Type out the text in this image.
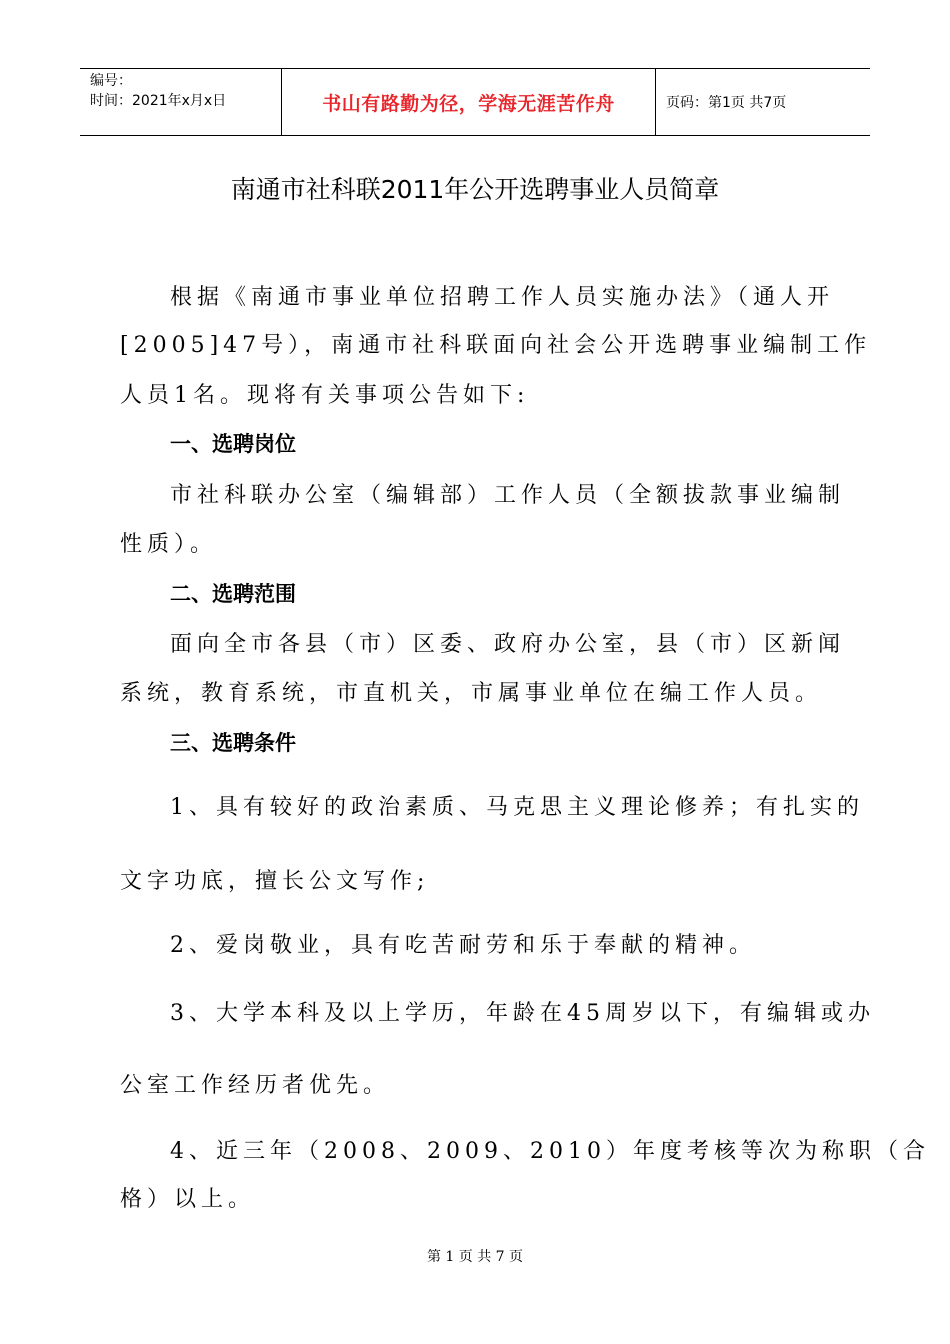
编号：
时间：2021年x月x日	书山有路勤为径，学海无涯苦作舟	页码：第1页 共7页
南通市社科联2011年公开选聘事业人员简章

根据《南通市事业单位招聘工作人员实施办法》（通人开

[2005]47号），南通市社科联面向社会公开选聘事业编制工作

人员1名。现将有关事项公告如下:

一、选聘岗位

市社科联办公室（编辑部）工作人员（全额拔款事业编制

性质）。

二、选聘范围

面向全市各县（市）区委、政府办公室，县（市）区新闻

系统，教育系统，市直机关，市属事业单位在编工作人员。

三、选聘条件

1、具有较好的政治素质、马克思主义理论修养；有扎实的

文字功底，擅长公文写作;

2、爱岗敬业，具有吃苦耐劳和乐于奉献的精神。

3、大学本科及以上学历，年龄在45周岁以下，有编辑或办

公室工作经历者优先。

4、近三年（2008、2009、2010）年度考核等次为称职（合

格）以上。

第 1 页 共 7 页
